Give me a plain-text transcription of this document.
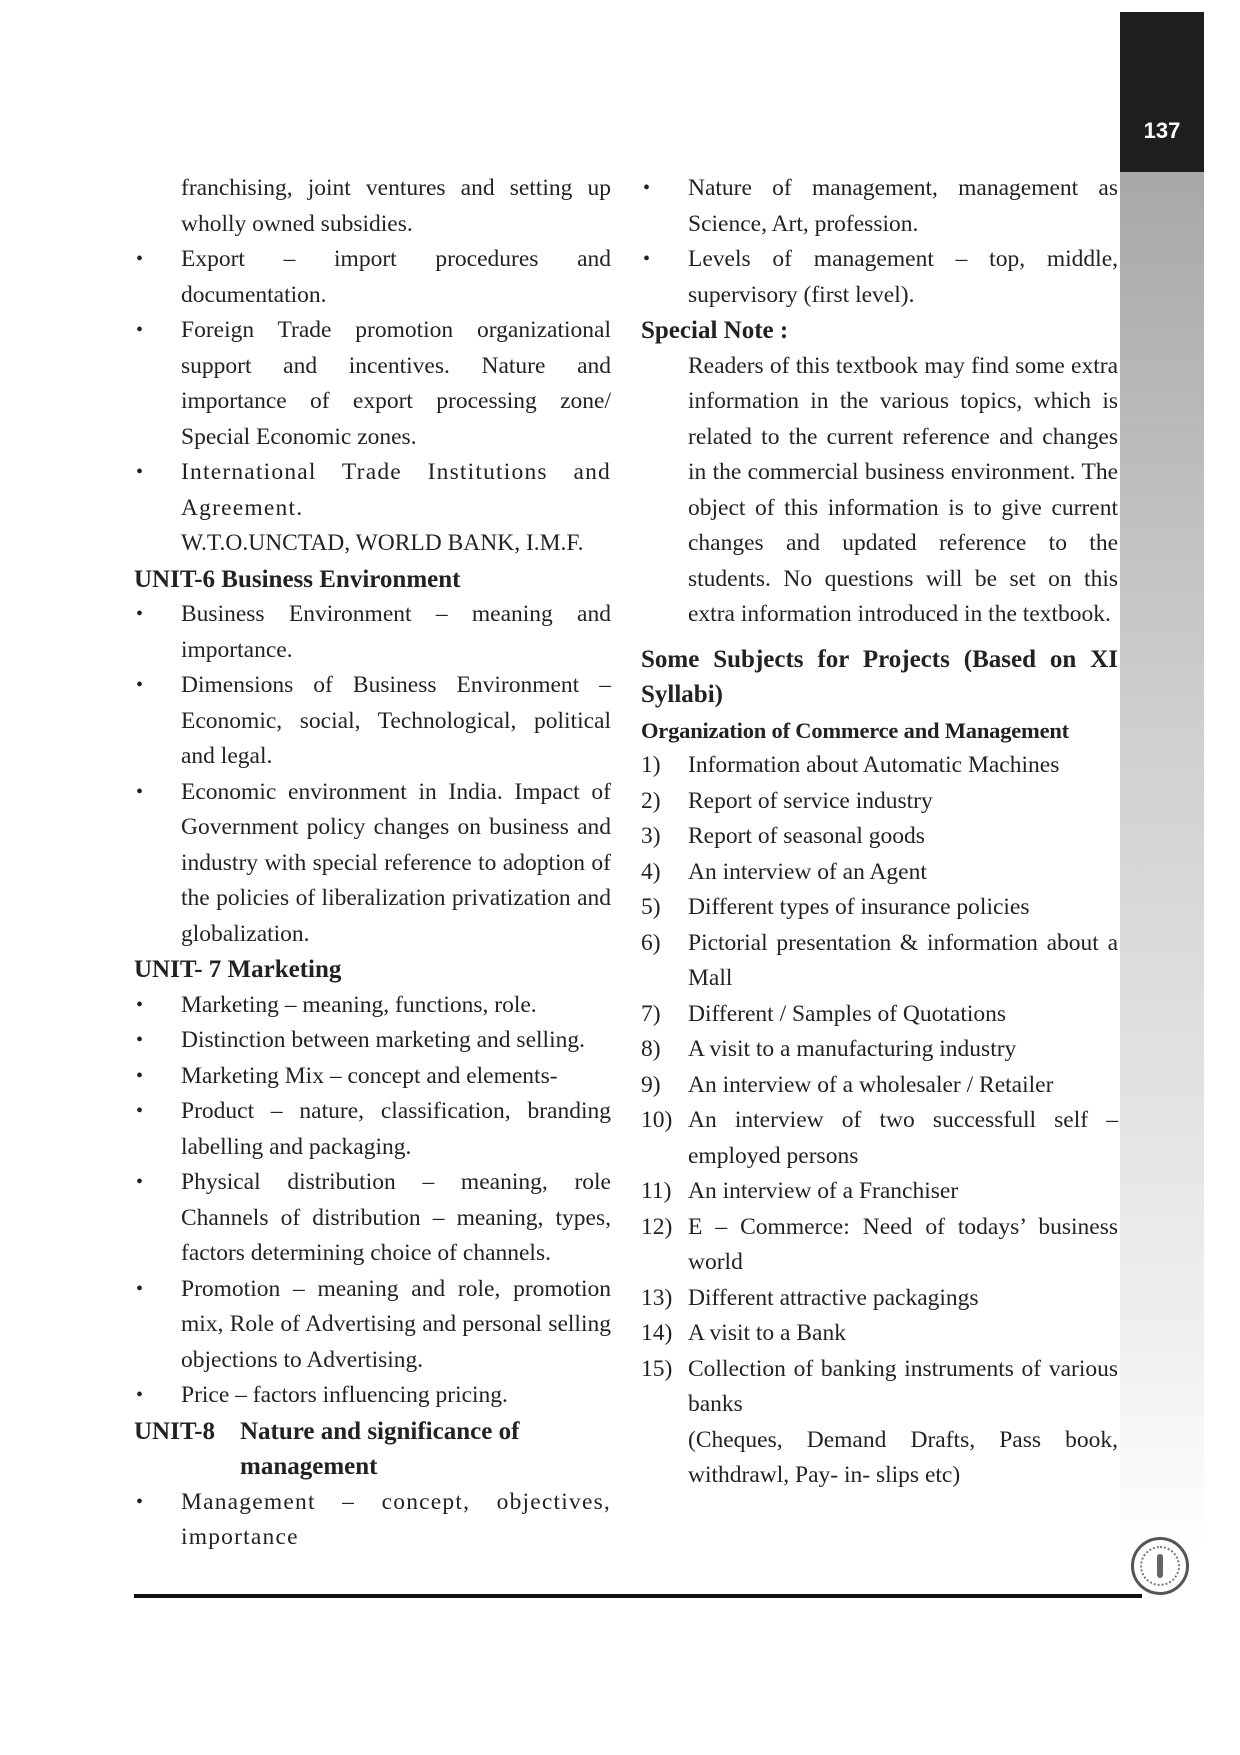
137
franchising, joint ventures and setting up wholly owned subsidies.
• Export – import procedures and documentation.
• Foreign Trade promotion organizational support and incentives. Nature and importance of export processing zone/ Special Economic zones.
• International Trade Institutions and Agreement.
W.T.O.UNCTAD, WORLD BANK, I.M.F.
UNIT-6 Business Environment
• Business Environment – meaning and importance.
• Dimensions of Business Environment – Economic, social, Technological, political and legal.
• Economic environment in India. Impact of Government policy changes on business and industry with special reference to adoption of the policies of liberalization privatization and globalization.
UNIT- 7 Marketing
• Marketing – meaning, functions, role.
• Distinction between marketing and selling.
• Marketing Mix – concept and elements-
• Product – nature, classification, branding labelling and packaging.
• Physical distribution – meaning, role Channels of distribution – meaning, types, factors determining choice of channels.
• Promotion – meaning and role, promotion mix, Role of Advertising and personal selling objections to Advertising.
• Price – factors influencing pricing.
UNIT-8 Nature and significance of management
• Management – concept, objectives, importance
• Nature of management, management as Science, Art, profession.
• Levels of management – top, middle, supervisory (first level).
Special Note :
Readers of this textbook may find some extra information in the various topics, which is related to the current reference and changes in the commercial business environment. The object of this information is to give current changes and updated reference to the students. No questions will be set on this extra information introduced in the textbook.
Some Subjects for Projects (Based on XI Syllabi)
Organization of Commerce and Management
1) Information about Automatic Machines
2) Report of service industry
3) Report of seasonal goods
4) An interview of an Agent
5) Different types of insurance policies
6) Pictorial presentation & information about a Mall
7) Different / Samples of Quotations
8) A visit to a manufacturing industry
9) An interview of a wholesaler / Retailer
10) An interview of two successfull self – employed persons
11) An interview of a Franchiser
12) E – Commerce: Need of todays’ business world
13) Different attractive packagings
14) A visit to a Bank
15) Collection of banking instruments of various banks
(Cheques, Demand Drafts, Pass book, withdrawl, Pay- in- slips etc)
